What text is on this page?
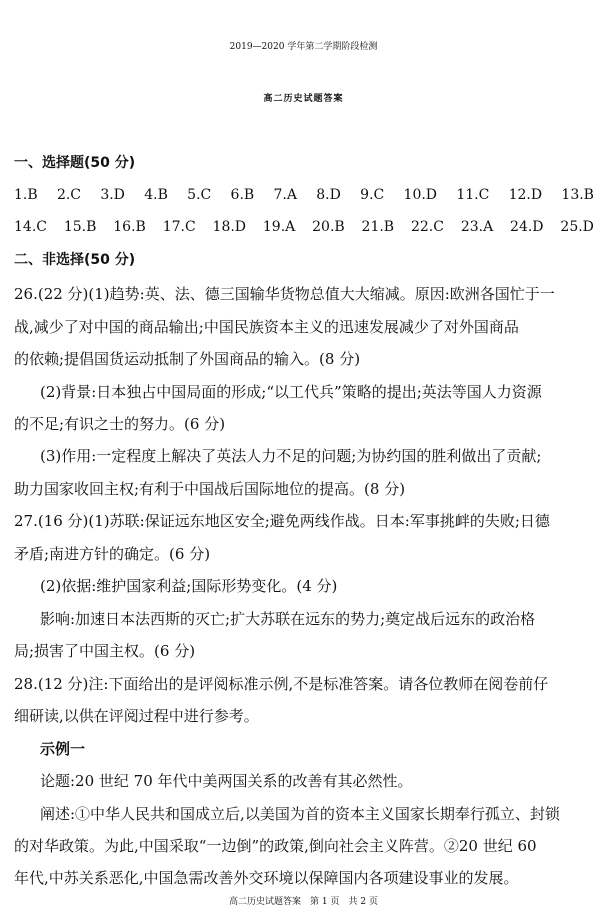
2019—2020 学年第二学期阶段检测
高二历史试题答案
一、选择题(50 分)
1.B 2.C 3.D 4.B 5.C 6.B 7.A 8.D 9.C 10.D 11.C 12.D 13.B
14.C 15.B 16.B 17.C 18.D 19.A 20.B 21.B 22.C 23.A 24.D 25.D
二、非选择(50 分)
26.(22 分)(1)趋势:英、法、德三国输华货物总值大大缩减。原因:欧洲各国忙于一
战,减少了对中国的商品输出;中国民族资本主义的迅速发展减少了对外国商品
的依赖;提倡国货运动抵制了外国商品的输入。(8 分)
(2)背景:日本独占中国局面的形成;“以工代兵”策略的提出;英法等国人力资源
的不足;有识之士的努力。(6 分)
(3)作用:一定程度上解决了英法人力不足的问题;为协约国的胜利做出了贡献;
助力国家收回主权;有利于中国战后国际地位的提高。(8 分)
27.(16 分)(1)苏联:保证远东地区安全;避免两线作战。日本:军事挑衅的失败;日德
矛盾;南进方针的确定。(6 分)
(2)依据:维护国家利益;国际形势变化。(4 分)
影响:加速日本法西斯的灭亡;扩大苏联在远东的势力;奠定战后远东的政治格
局;损害了中国主权。(6 分)
28.(12 分)注:下面给出的是评阅标准示例,不是标准答案。请各位教师在阅卷前仔
细研读,以供在评阅过程中进行参考。
示例一
论题:20 世纪 70 年代中美两国关系的改善有其必然性。
阐述:①中华人民共和国成立后,以美国为首的资本主义国家长期奉行孤立、封锁
的对华政策。为此,中国采取“一边倒”的政策,倒向社会主义阵营。②20 世纪 60
年代,中苏关系恶化,中国急需改善外交环境以保障国内各项建设事业的发展。
高二历史试题答案　第 1 页　共 2 页
